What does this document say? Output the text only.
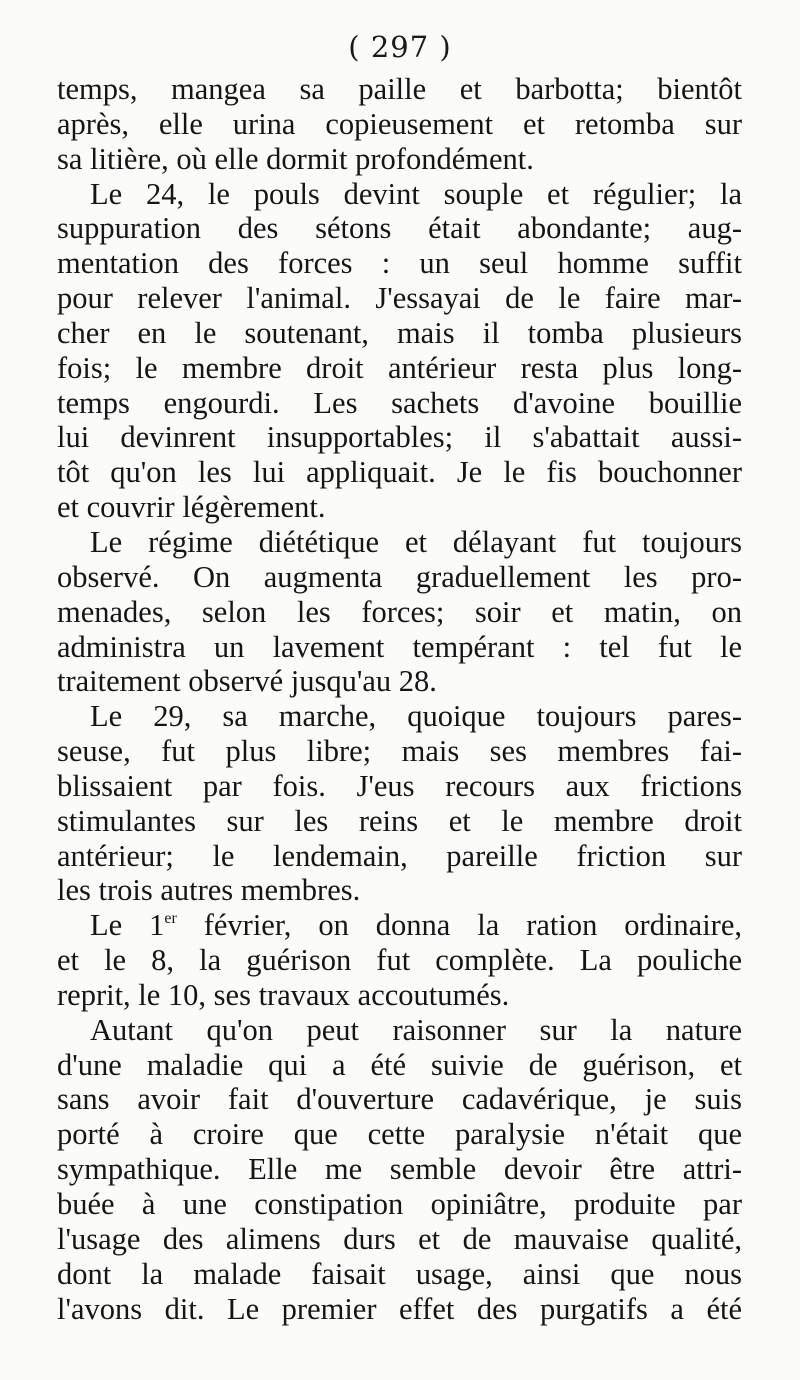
( 297 )
temps, mangea sa paille et barbotta; bientôt
après, elle urina copieusement et retomba sur
sa litière, où elle dormit profondément.
Le 24, le pouls devint souple et régulier; la
suppuration des sétons était abondante; aug-
mentation des forces : un seul homme suffit
pour relever l'animal. J'essayai de le faire mar-
cher en le soutenant, mais il tomba plusieurs
fois; le membre droit antérieur resta plus long-
temps engourdi. Les sachets d'avoine bouillie
lui devinrent insupportables; il s'abattait aussi-
tôt qu'on les lui appliquait. Je le fis bouchonner
et couvrir légèrement.
Le régime diététique et délayant fut toujours
observé. On augmenta graduellement les pro-
menades, selon les forces; soir et matin, on
administra un lavement tempérant : tel fut le
traitement observé jusqu'au 28.
Le 29, sa marche, quoique toujours pares-
seuse, fut plus libre; mais ses membres fai-
blissaient par fois. J'eus recours aux frictions
stimulantes sur les reins et le membre droit
antérieur; le lendemain, pareille friction sur
les trois autres membres.
Le 1er février, on donna la ration ordinaire,
et le 8, la guérison fut complète. La pouliche
reprit, le 10, ses travaux accoutumés.
Autant qu'on peut raisonner sur la nature
d'une maladie qui a été suivie de guérison, et
sans avoir fait d'ouverture cadavérique, je suis
porté à croire que cette paralysie n'était que
sympathique. Elle me semble devoir être attri-
buée à une constipation opiniâtre, produite par
l'usage des alimens durs et de mauvaise qualité,
dont la malade faisait usage, ainsi que nous
l'avons dit. Le premier effet des purgatifs a été
